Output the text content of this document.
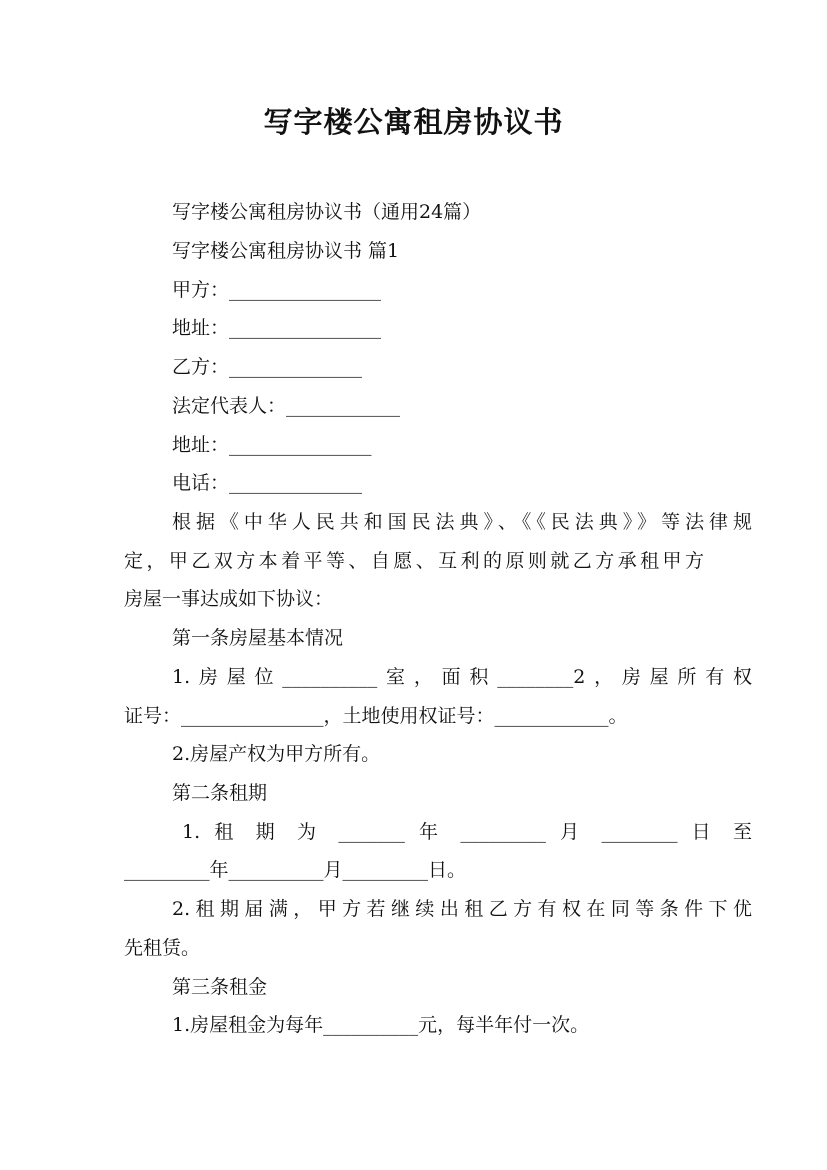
写字楼公寓租房协议书
写字楼公寓租房协议书（通用24篇）
写字楼公寓租房协议书 篇1
甲方：________________
地址：________________
乙方：______________
法定代表人：____________
地址：_______________
电话：______________
根据《中华人民共和国民法典》、《《民法典》》等法律规
定，甲乙双方本着平等、自愿、互利的原则就乙方承租甲方
房屋一事达成如下协议：
第一条房屋基本情况
1.房屋位__________室，面积________2，房屋所有权
证号：_______________，土地使用权证号：____________。
2.房屋产权为甲方所有。
第二条租期
1. 租 期 为 _______ 年 _________ 月 ________ 日 至
_________年__________月_________日。
2.租期届满，甲方若继续出租乙方有权在同等条件下优
先租赁。
第三条租金
1.房屋租金为每年__________元，每半年付一次。
